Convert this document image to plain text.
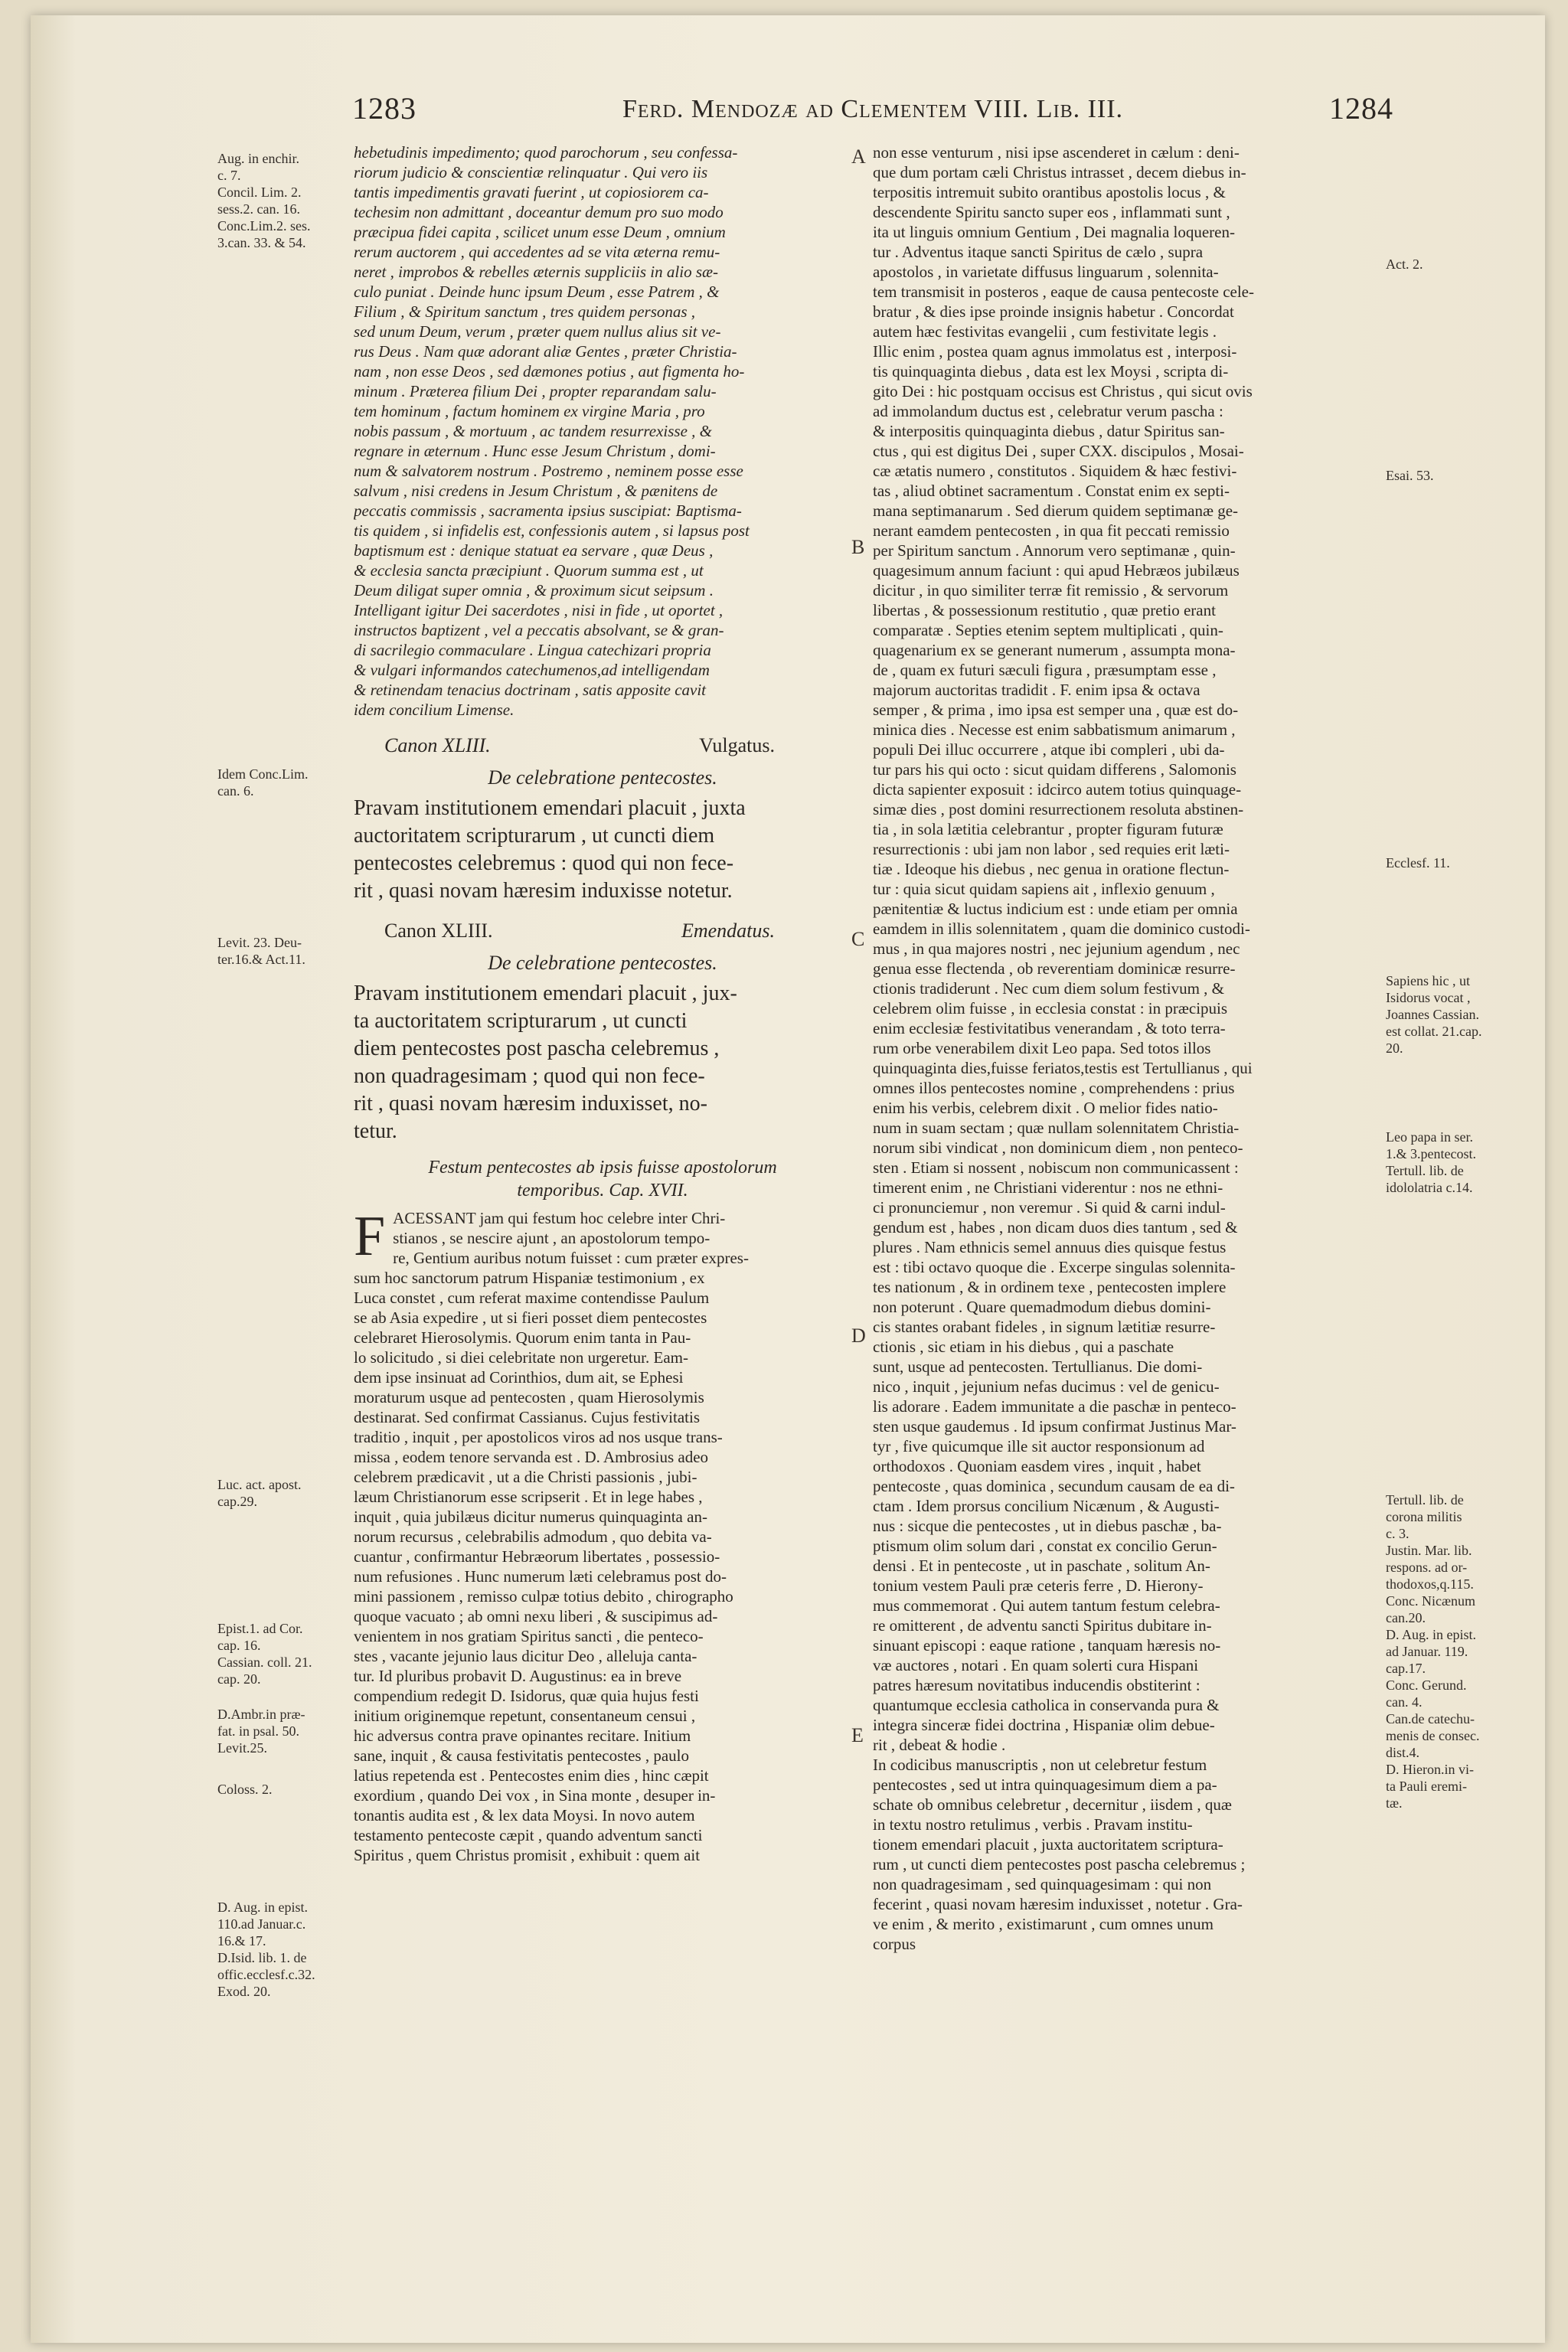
1283	Ferd. Mendozæ ad Clementem VIII. Lib. III.	1284
A
B
C
D
E
Aug. in enchir.
c. 7.
Concil. Lim. 2.
sess.2. can. 16.
Conc.Lim.2. ses.
3.can. 33. & 54.
Idem Conc.Lim.
can. 6.
Levit. 23. Deu-
ter.16.& Act.11.
Luc. act. apost.
cap.29.
Epist.1. ad Cor.
cap. 16.
Cassian. coll. 21.
cap. 20.
D.Ambr.in præ-
fat. in psal. 50.
Levit.25.
Coloss. 2.
D. Aug. in epist.
110.ad Januar.c.
16.& 17.
D.Isid. lib. 1. de
offic.ecclesf.c.32.
Exod. 20.
Act. 2.
Esai. 53.
Ecclesf. 11.
Sapiens hic , ut
Isidorus vocat ,
Joannes Cassian.
est collat. 21.cap.
20.
Leo papa in ser.
1.& 3.pentecost.
Tertull. lib. de
idololatria c.14.
Tertull. lib. de
corona militis
c. 3.
Justin. Mar. lib.
respons. ad or-
thodoxos,q.115.
Conc. Nicænum
can.20.
D. Aug. in epist.
ad Januar. 119.
cap.17.
Conc. Gerund.
can. 4.
Can.de catechu-
menis de consec.
dist.4.
D. Hieron.in vi-
ta Pauli eremi-
tæ.
hebetudinis impedimento; quod parochorum , seu confessa-
riorum judicio & conscientiæ relinquatur . Qui vero iis
tantis impedimentis gravati fuerint , ut copiosiorem ca-
techesim non admittant , doceantur demum pro suo modo
præcipua fidei capita , scilicet unum esse Deum , omnium
rerum auctorem , qui accedentes ad se vita æterna remu-
neret , improbos & rebelles æternis suppliciis in alio sæ-
culo puniat . Deinde hunc ipsum Deum , esse Patrem , &
Filium , & Spiritum sanctum , tres quidem personas ,
sed unum Deum, verum , præter quem nullus alius sit ve-
rus Deus . Nam quæ adorant aliæ Gentes , præter Christia-
nam , non esse Deos , sed dæmones potius , aut figmenta ho-
minum . Præterea filium Dei , propter reparandam salu-
tem hominum , factum hominem ex virgine Maria , pro
nobis passum , & mortuum , ac tandem resurrexisse , &
regnare in æternum . Hunc esse Jesum Christum , domi-
num & salvatorem nostrum . Postremo , neminem posse esse
salvum , nisi credens in Jesum Christum , & pænitens de
peccatis commissis , sacramenta ipsius suscipiat: Baptisma-
tis quidem , si infidelis est, confessionis autem , si lapsus post
baptismum est : denique statuat ea servare , quæ Deus ,
& ecclesia sancta præcipiunt . Quorum summa est , ut
Deum diligat super omnia , & proximum sicut seipsum .
Intelligant igitur Dei sacerdotes , nisi in fide , ut oportet ,
instructos baptizent , vel a peccatis absolvant, se & gran-
di sacrilegio commaculare . Lingua catechizari propria
& vulgari informandos catechumenos,ad intelligendam
& retinendam tenacius doctrinam , satis apposite cavit
idem concilium Limense.
Canon XLIII.	Vulgatus.
De celebratione pentecostes.
Pravam institutionem emendari placuit , juxta
auctoritatem scripturarum , ut cuncti diem
pentecostes celebremus : quod qui non fece-
rit , quasi novam hæresim induxisse notetur.
Canon XLIII.	Emendatus.
De celebratione pentecostes.
Pravam institutionem emendari placuit , jux-
ta auctoritatem scripturarum , ut cuncti
diem pentecostes post pascha celebremus ,
non quadragesimam ; quod qui non fece-
rit , quasi novam hæresim induxisset, no-
tetur.
Festum pentecostes ab ipsis fuisse apostolorum
temporibus. Cap. XVII.
F ACESSANT jam qui festum hoc celebre inter Chri-
stianos , se nescire ajunt , an apostolorum tempo-
re, Gentium auribus notum fuisset : cum præter expres-
sum hoc sanctorum patrum Hispaniæ testimonium , ex
Luca constet , cum referat maxime contendisse Paulum
se ab Asia expedire , ut si fieri posset diem pentecostes
celebraret Hierosolymis. Quorum enim tanta in Pau-
lo solicitudo , si diei celebritate non urgeretur. Eam-
dem ipse insinuat ad Corinthios, dum ait, se Ephesi
moraturum usque ad pentecosten , quam Hierosolymis
destinarat. Sed confirmat Cassianus. Cujus festivitatis
traditio , inquit , per apostolicos viros ad nos usque trans-
missa , eodem tenore servanda est . D. Ambrosius adeo
celebrem prædicavit , ut a die Christi passionis , jubi-
læum Christianorum esse scripserit . Et in lege habes ,
inquit , quia jubilæus dicitur numerus quinquaginta an-
norum recursus , celebrabilis admodum , quo debita va-
cuantur , confirmantur Hebræorum libertates , possessio-
num refusiones . Hunc numerum læti celebramus post do-
mini passionem , remisso culpæ totius debito , chirographo
quoque vacuato ; ab omni nexu liberi , & suscipimus ad-
venientem in nos gratiam Spiritus sancti , die penteco-
stes , vacante jejunio laus dicitur Deo , alleluja canta-
tur. Id pluribus probavit D. Augustinus: ea in breve
compendium redegit D. Isidorus, quæ quia hujus festi
initium originemque repetunt, consentaneum censui ,
hic adversus contra prave opinantes recitare. Initium
sane, inquit , & causa festivitatis pentecostes , paulo
latius repetenda est . Pentecostes enim dies , hinc cæpit
exordium , quando Dei vox , in Sina monte , desuper in-
tonantis audita est , & lex data Moysi. In novo autem
testamento pentecoste cæpit , quando adventum sancti
Spiritus , quem Christus promisit , exhibuit : quem ait
non esse venturum , nisi ipse ascenderet in cælum : deni-
que dum portam cæli Christus intrasset , decem diebus in-
terpositis intremuit subito orantibus apostolis locus , &
descendente Spiritu sancto super eos , inflammati sunt ,
ita ut linguis omnium Gentium , Dei magnalia loqueren-
tur . Adventus itaque sancti Spiritus de cælo , supra
apostolos , in varietate diffusus linguarum , solennita-
tem transmisit in posteros , eaque de causa pentecoste cele-
bratur , & dies ipse proinde insignis habetur . Concordat
autem hæc festivitas evangelii , cum festivitate legis .
Illic enim , postea quam agnus immolatus est , interposi-
tis quinquaginta diebus , data est lex Moysi , scripta di-
gito Dei : hic postquam occisus est Christus , qui sicut ovis
ad immolandum ductus est , celebratur verum pascha :
& interpositis quinquaginta diebus , datur Spiritus san-
ctus , qui est digitus Dei , super CXX. discipulos , Mosai-
cæ ætatis numero , constitutos . Siquidem & hæc festivi-
tas , aliud obtinet sacramentum . Constat enim ex septi-
mana septimanarum . Sed dierum quidem septimanæ ge-
nerant eamdem pentecosten , in qua fit peccati remissio
per Spiritum sanctum . Annorum vero septimanæ , quin-
quagesimum annum faciunt : qui apud Hebræos jubilæus
dicitur , in quo similiter terræ fit remissio , & servorum
libertas , & possessionum restitutio , quæ pretio erant
comparatæ . Septies etenim septem multiplicati , quin-
quagenarium ex se generant numerum , assumpta mona-
de , quam ex futuri sæculi figura , præsumptam esse ,
majorum auctoritas tradidit . F. enim ipsa & octava
semper , & prima , imo ipsa est semper una , quæ est do-
minica dies . Necesse est enim sabbatismum animarum ,
populi Dei illuc occurrere , atque ibi compleri , ubi da-
tur pars his qui octo : sicut quidam differens , Salomonis
dicta sapienter exposuit : idcirco autem totius quinquage-
simæ dies , post domini resurrectionem resoluta abstinen-
tia , in sola lætitia celebrantur , propter figuram futuræ
resurrectionis : ubi jam non labor , sed requies erit læti-
tiæ . Ideoque his diebus , nec genua in oratione flectun-
tur : quia sicut quidam sapiens ait , inflexio genuum ,
pænitentiæ & luctus indicium est : unde etiam per omnia
eamdem in illis solennitatem , quam die dominico custodi-
mus , in qua majores nostri , nec jejunium agendum , nec
genua esse flectenda , ob reverentiam dominicæ resurre-
ctionis tradiderunt . Nec cum diem solum festivum , &
celebrem olim fuisse , in ecclesia constat : in præcipuis
enim ecclesiæ festivitatibus venerandam , & toto terra-
rum orbe venerabilem dixit Leo papa. Sed totos illos
quinquaginta dies,fuisse feriatos,testis est Tertullianus , qui
omnes illos pentecostes nomine , comprehendens : prius
enim his verbis, celebrem dixit . O melior fides natio-
num in suam sectam ; quæ nullam solennitatem Christia-
norum sibi vindicat , non dominicum diem , non penteco-
sten . Etiam si nossent , nobiscum non communicassent :
timerent enim , ne Christiani viderentur : nos ne ethni-
ci pronunciemur , non veremur . Si quid & carni indul-
gendum est , habes , non dicam duos dies tantum , sed &
plures . Nam ethnicis semel annuus dies quisque festus
est : tibi octavo quoque die . Excerpe singulas solennita-
tes nationum , & in ordinem texe , pentecosten implere
non poterunt . Quare quemadmodum diebus domini-
cis stantes orabant fideles , in signum lætitiæ resurre-
ctionis , sic etiam in his diebus , qui a paschate
sunt, usque ad pentecosten. Tertullianus. Die domi-
nico , inquit , jejunium nefas ducimus : vel de genicu-
lis adorare . Eadem immunitate a die paschæ in penteco-
sten usque gaudemus . Id ipsum confirmat Justinus Mar-
tyr , five quicumque ille sit auctor responsionum ad
orthodoxos . Quoniam easdem vires , inquit , habet
pentecoste , quas dominica , secundum causam de ea di-
ctam . Idem prorsus concilium Nicænum , & Augusti-
nus : sicque die pentecostes , ut in diebus paschæ , ba-
ptismum olim solum dari , constat ex concilio Gerun-
densi . Et in pentecoste , ut in paschate , solitum An-
tonium vestem Pauli præ ceteris ferre , D. Hierony-
mus commemorat . Qui autem tantum festum celebra-
re omitterent , de adventu sancti Spiritus dubitare in-
sinuant episcopi : eaque ratione , tanquam hæresis no-
væ auctores , notari . En quam solerti cura Hispani
patres hæresum novitatibus inducendis obstiterint :
quantumque ecclesia catholica in conservanda pura &
integra sinceræ fidei doctrina , Hispaniæ olim debue-
rit , debeat & hodie .
In codicibus manuscriptis , non ut celebretur festum
pentecostes , sed ut intra quinquagesimum diem a pa-
schate ob omnibus celebretur , decernitur , iisdem , quæ
in textu nostro retulimus , verbis . Pravam institu-
tionem emendari placuit , juxta auctoritatem scriptura-
rum , ut cuncti diem pentecostes post pascha celebremus ;
non quadragesimam , sed quinquagesimam : qui non
fecerint , quasi novam hæresim induxisset , notetur . Gra-
ve enim , & merito , existimarunt , cum omnes unum
corpus
